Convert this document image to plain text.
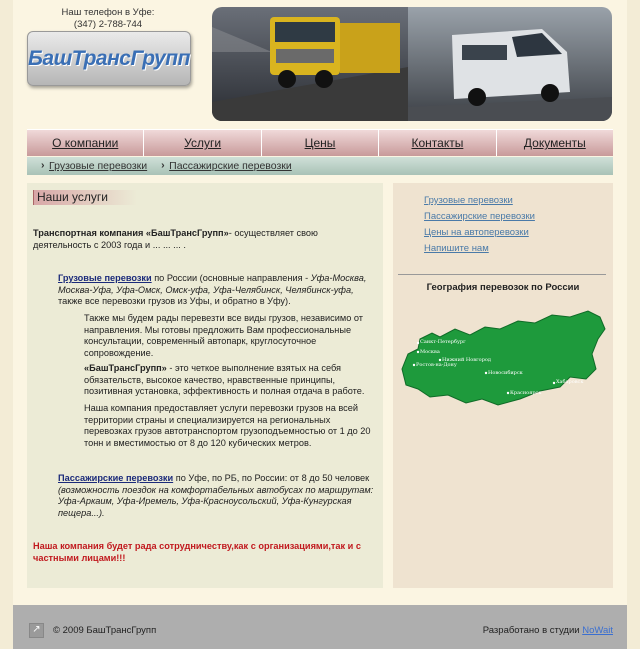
Наш телефон в Уфе:
(347) 2-788-744
БашТрансГрупп
О компании	Услуги	Цены	Контакты	Документы
› Грузовые перевозки
› Пассажирские перевозки
Наши услуги

Транспортная компания «БашТрансГрупп»- осуществляет свою деятельность с 2003 года и ... ... ... .

Грузовые перевозки по России (основные направления - Уфа-Москва, Москва-Уфа, Уфа-Омск, Омск-уфа, Уфа-Челябинск, Челябинск-уфа, также все перевозки грузов из Уфы, и обратно в Уфу).

Также мы будем рады перевезти все виды грузов, независимо от направления. Мы готовы предложить Вам профессиональные консультации, современный автопарк, круглосуточное сопровождение.

«БашТрансГрупп» - это четкое выполнение взятых на себя обязательств, высокое качество, нравственные принципы, позитивная установка, эффективность и полная отдача в работе.

Наша компания предоставляет услуги перевозки грузов на всей территории страны и специализируется на региональных перевозках грузов автотранспортом грузоподъемностью от 1 до 20 тонн и вместимостью от 8 до 120 кубических метров.

Пассажирские перевозки по Уфе, по РБ, по России: от 8 до 50 человек (возможность поездок на комфортабельных автобусах по маршрутам: Уфа-Аркаим, Уфа-Иремель, Уфа-Красноусольский, Уфа-Кунгурская пещера...).

Наша компания будет рада сотрудничеству,как с организациями,так и с частными лицами!!!

Грузовые перевозки
Пассажирские перевозки
Цены на автоперевозки
Напишите нам
География перевозок по России
Санкт-Петербург
Москва
Нижний Новгород
Ростов-на-Дону
Новосибирск
Красноярск
Хабаровск
↗	© 2009 БашТрансГрупп	Разработано в студии NoWait
